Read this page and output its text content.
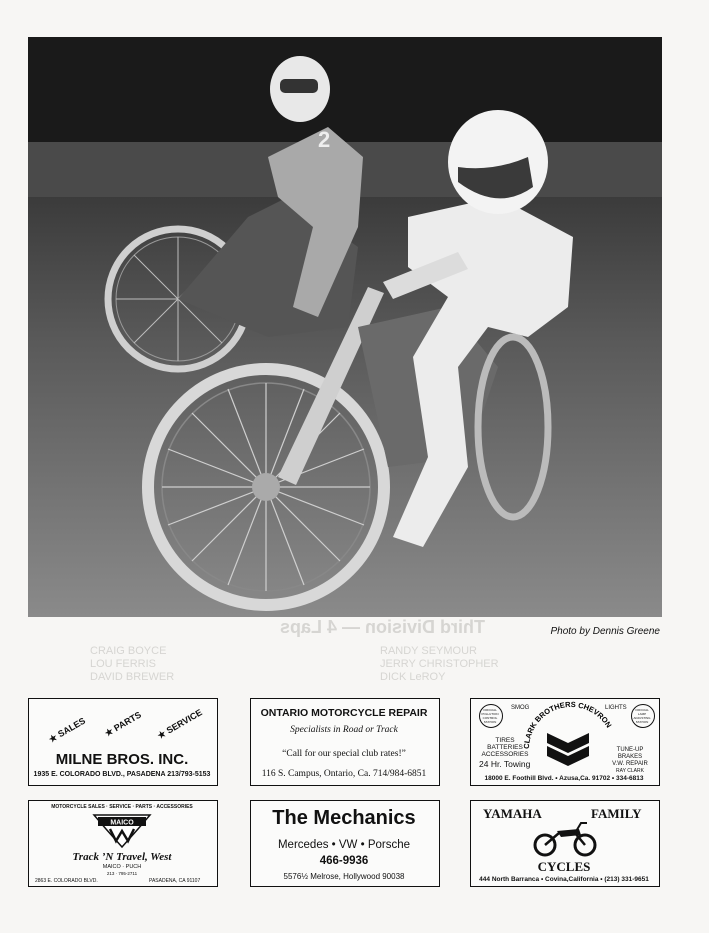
Third Division — 4 Laps
CRAIG BOYCE
LOU FERRIS
DAVID BREWER
RANDY SEYMOUR
JERRY CHRISTOPHER
DICK LeROY
2
Photo by Dennis Greene
★ SALES ★ PARTS
★ SERVICE
MILNE BROS. INC.
1935 E. COLORADO BLVD., PASADENA 213/793-5153
ONTARIO MOTORCYCLE REPAIR
Specialists in Road or Track
“Call for our special club rates!”
116 S. Campus, Ontario, Ca. 714/984-6851
OFFICIAL POLLUTION CONTROL STATION
OFFICIAL LAMP ADJUSTING STATION
SMOG	LIGHTS
CLARK BROTHERS CHEVRON
TIRES
BATTERIES
ACCESSORIES
24 Hr. Towing
TUNE-UP
BRAKES
V.W. REPAIR
RAY CLARK
18000 E. Foothill Blvd. • Azusa,Ca. 91702 • 334-6813
MOTORCYCLE SALES · SERVICE · PARTS · ACCESSORIES
MAICO
Track ’N Travel, West
MAICO · PUCH
213 · 795-2711
2863 E. COLORADO BLVD.	PASADENA, CA 91107
The Mechanics
Mercedes • VW • Porsche
466-9936
5576½ Melrose, Hollywood 90038
YAMAHA	FAMILY
CYCLES
444 North Barranca • Covina,California • (213) 331-9651
